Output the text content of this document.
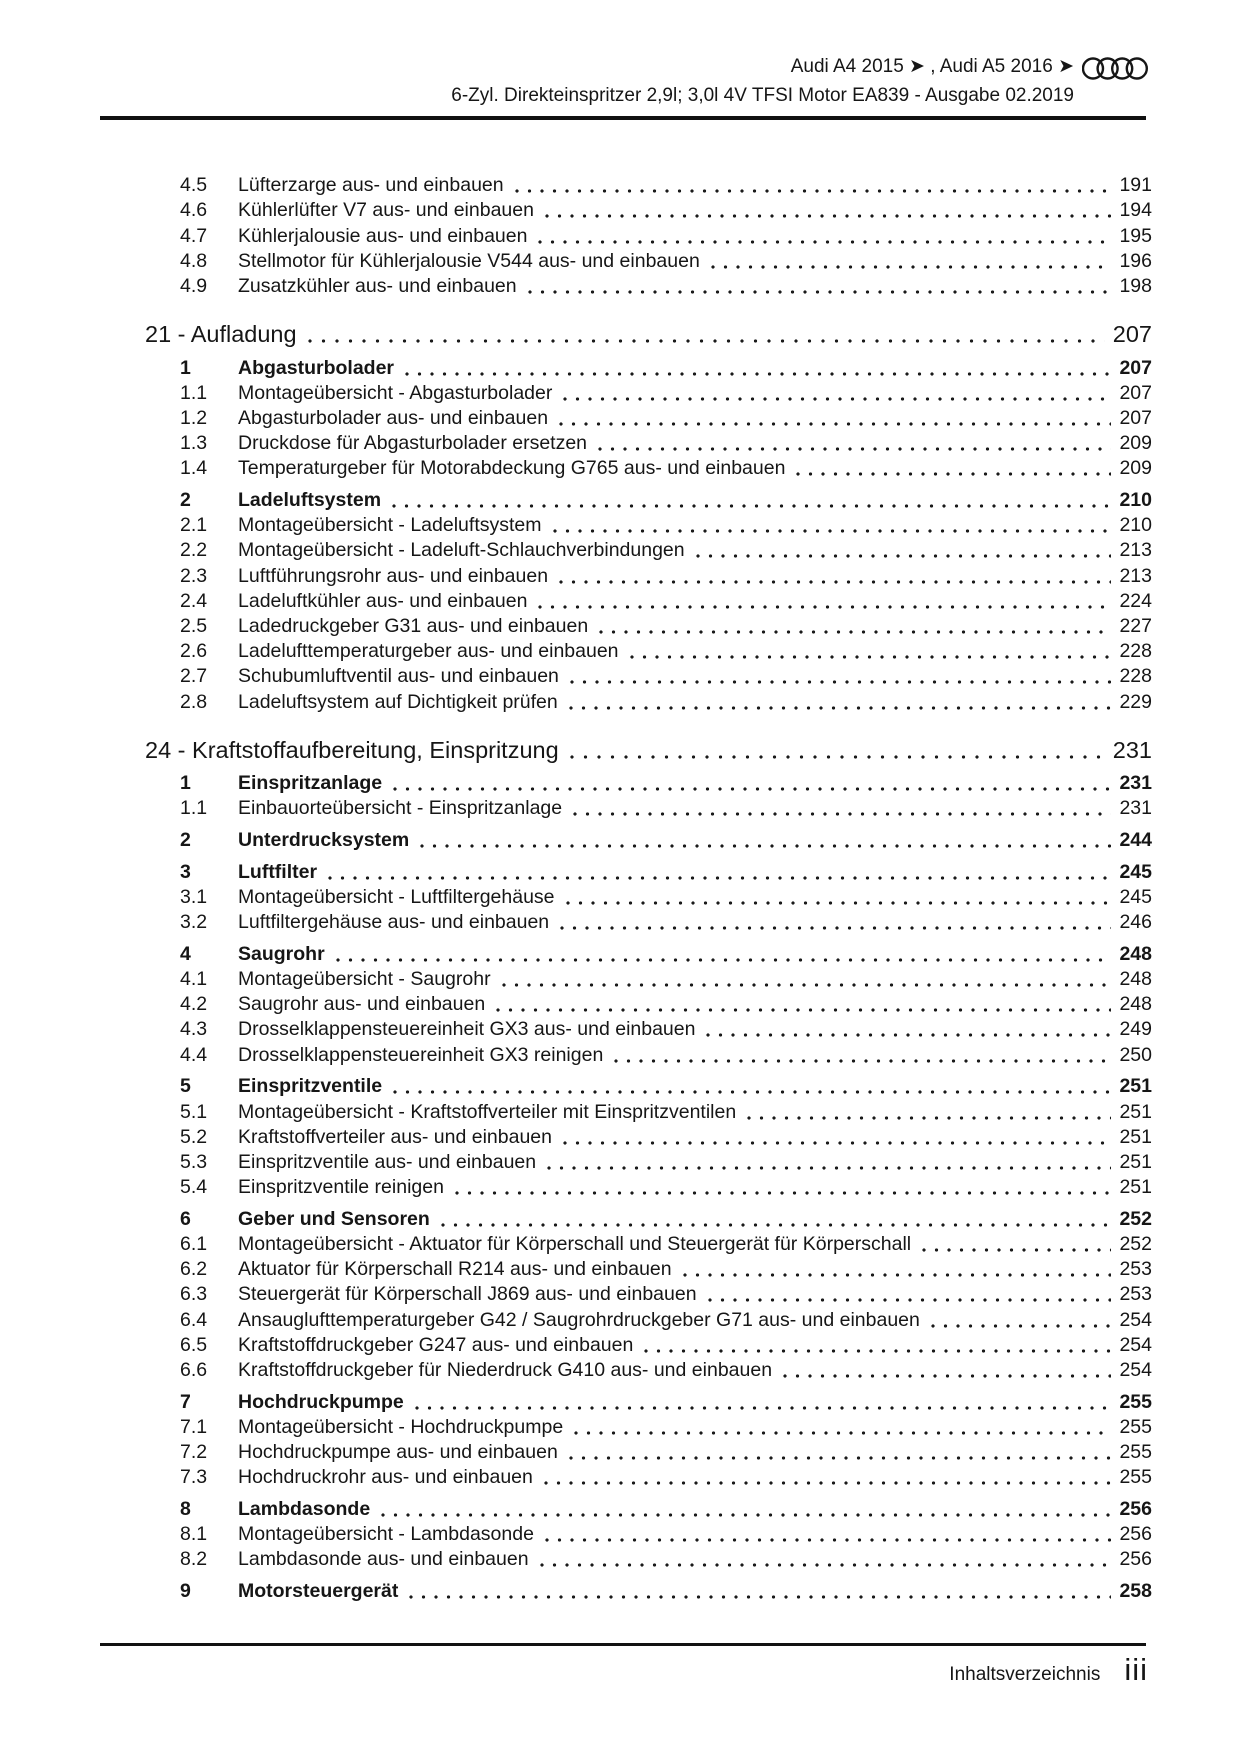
Audi A4 2015 ➤ , Audi A5 2016 ➤
6-Zyl. Direkteinspritzer 2,9l; 3,0l 4V TFSI Motor EA839 - Ausgabe 02.2019
4.5	Lüfterzarge aus- und einbauen	191
4.6	Kühlerlüfter V7 aus- und einbauen	194
4.7	Kühlerjalousie aus- und einbauen	195
4.8	Stellmotor für Kühlerjalousie V544 aus- und einbauen	196
4.9	Zusatzkühler aus- und einbauen	198
21 - Aufladung	207
1	Abgasturbolader	207
1.1	Montageübersicht - Abgasturbolader	207
1.2	Abgasturbolader aus- und einbauen	207
1.3	Druckdose für Abgasturbolader ersetzen	209
1.4	Temperaturgeber für Motorabdeckung G765 aus- und einbauen	209
2	Ladeluftsystem	210
2.1	Montageübersicht - Ladeluftsystem	210
2.2	Montageübersicht - Ladeluft-Schlauchverbindungen	213
2.3	Luftführungsrohr aus- und einbauen	213
2.4	Ladeluftkühler aus- und einbauen	224
2.5	Ladedruckgeber G31 aus- und einbauen	227
2.6	Ladelufttemperaturgeber aus- und einbauen	228
2.7	Schubumluftventil aus- und einbauen	228
2.8	Ladeluftsystem auf Dichtigkeit prüfen	229
24 - Kraftstoffaufbereitung, Einspritzung	231
1	Einspritzanlage	231
1.1	Einbauorteübersicht - Einspritzanlage	231
2	Unterdrucksystem	244
3	Luftfilter	245
3.1	Montageübersicht - Luftfiltergehäuse	245
3.2	Luftfiltergehäuse aus- und einbauen	246
4	Saugrohr	248
4.1	Montageübersicht - Saugrohr	248
4.2	Saugrohr aus- und einbauen	248
4.3	Drosselklappensteuereinheit GX3 aus- und einbauen	249
4.4	Drosselklappensteuereinheit GX3 reinigen	250
5	Einspritzventile	251
5.1	Montageübersicht - Kraftstoffverteiler mit Einspritzventilen	251
5.2	Kraftstoffverteiler aus- und einbauen	251
5.3	Einspritzventile aus- und einbauen	251
5.4	Einspritzventile reinigen	251
6	Geber und Sensoren	252
6.1	Montageübersicht - Aktuator für Körperschall und Steuergerät für Körperschall	252
6.2	Aktuator für Körperschall R214 aus- und einbauen	253
6.3	Steuergerät für Körperschall J869 aus- und einbauen	253
6.4	Ansauglufttemperaturgeber G42 / Saugrohrdruckgeber G71 aus- und einbauen	254
6.5	Kraftstoffdruckgeber G247 aus- und einbauen	254
6.6	Kraftstoffdruckgeber für Niederdruck G410 aus- und einbauen	254
7	Hochdruckpumpe	255
7.1	Montageübersicht - Hochdruckpumpe	255
7.2	Hochdruckpumpe aus- und einbauen	255
7.3	Hochdruckrohr aus- und einbauen	255
8	Lambdasonde	256
8.1	Montageübersicht - Lambdasonde	256
8.2	Lambdasonde aus- und einbauen	256
9	Motorsteuergerät	258
Inhaltsverzeichnis iii
